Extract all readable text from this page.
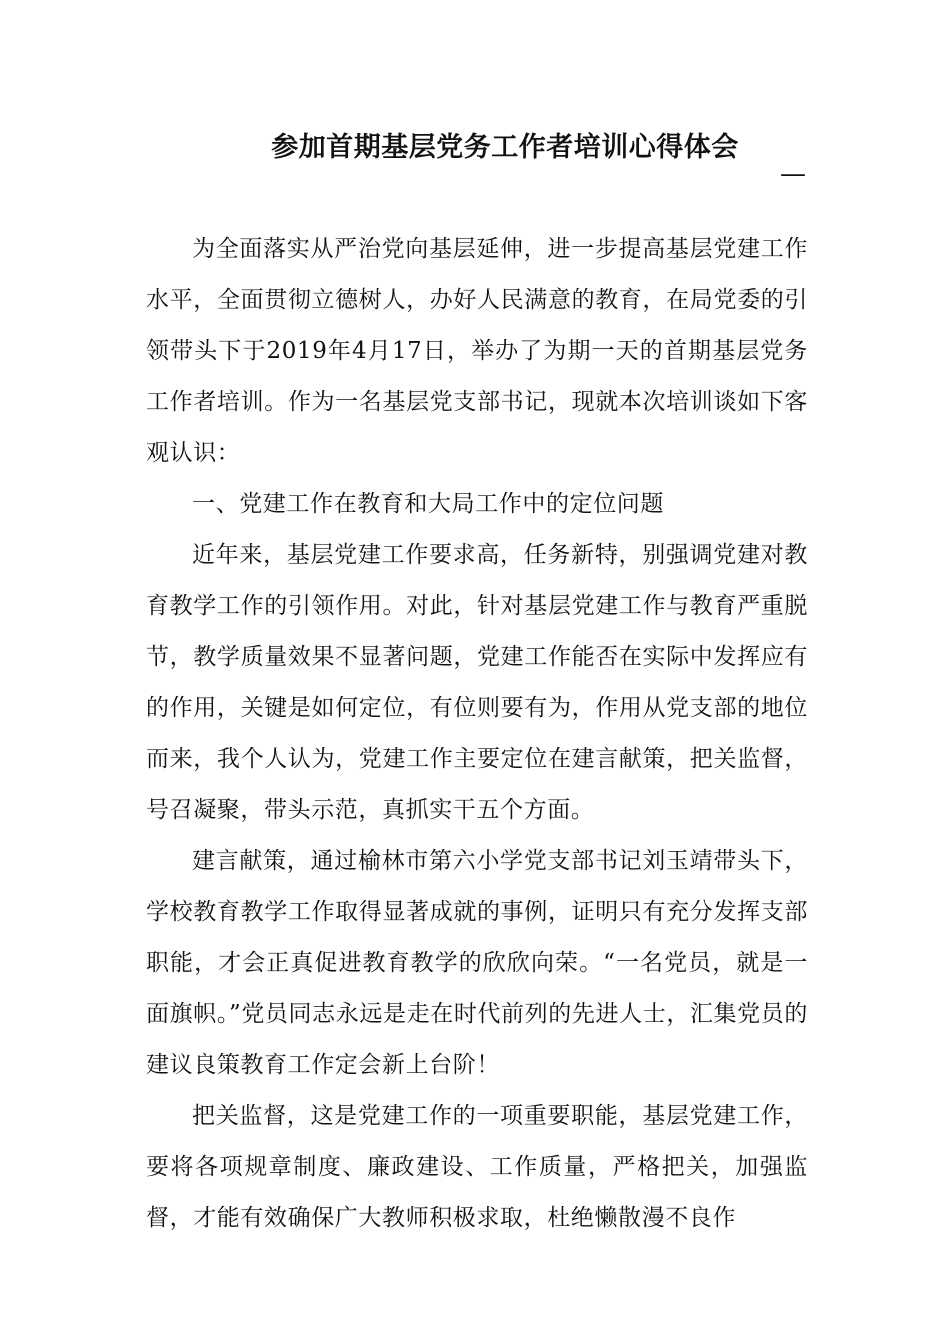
参加首期基层党务工作者培训心得体会
—

为全面落实从严治党向基层延伸，进一步提高基层党建工作水平，全面贯彻立德树人，办好人民满意的教育，在局党委的引领带头下于2019年4月17日，举办了为期一天的首期基层党务工作者培训。作为一名基层党支部书记，现就本次培训谈如下客观认识：

一、党建工作在教育和大局工作中的定位问题

近年来，基层党建工作要求高，任务新特，别强调党建对教育教学工作的引领作用。对此，针对基层党建工作与教育严重脱节，教学质量效果不显著问题，党建工作能否在实际中发挥应有的作用，关键是如何定位，有位则要有为，作用从党支部的地位而来，我个人认为，党建工作主要定位在建言献策，把关监督，号召凝聚，带头示范，真抓实干五个方面。

建言献策，通过榆林市第六小学党支部书记刘玉靖带头下，学校教育教学工作取得显著成就的事例，证明只有充分发挥支部职能，才会正真促进教育教学的欣欣向荣。“一名党员，就是一面旗帜。”党员同志永远是走在时代前列的先进人士，汇集党员的建议良策教育工作定会新上台阶！

把关监督，这是党建工作的一项重要职能，基层党建工作，要将各项规章制度、廉政建设、工作质量，严格把关，加强监督，才能有效确保广大教师积极求取，杜绝懒散漫不良作
